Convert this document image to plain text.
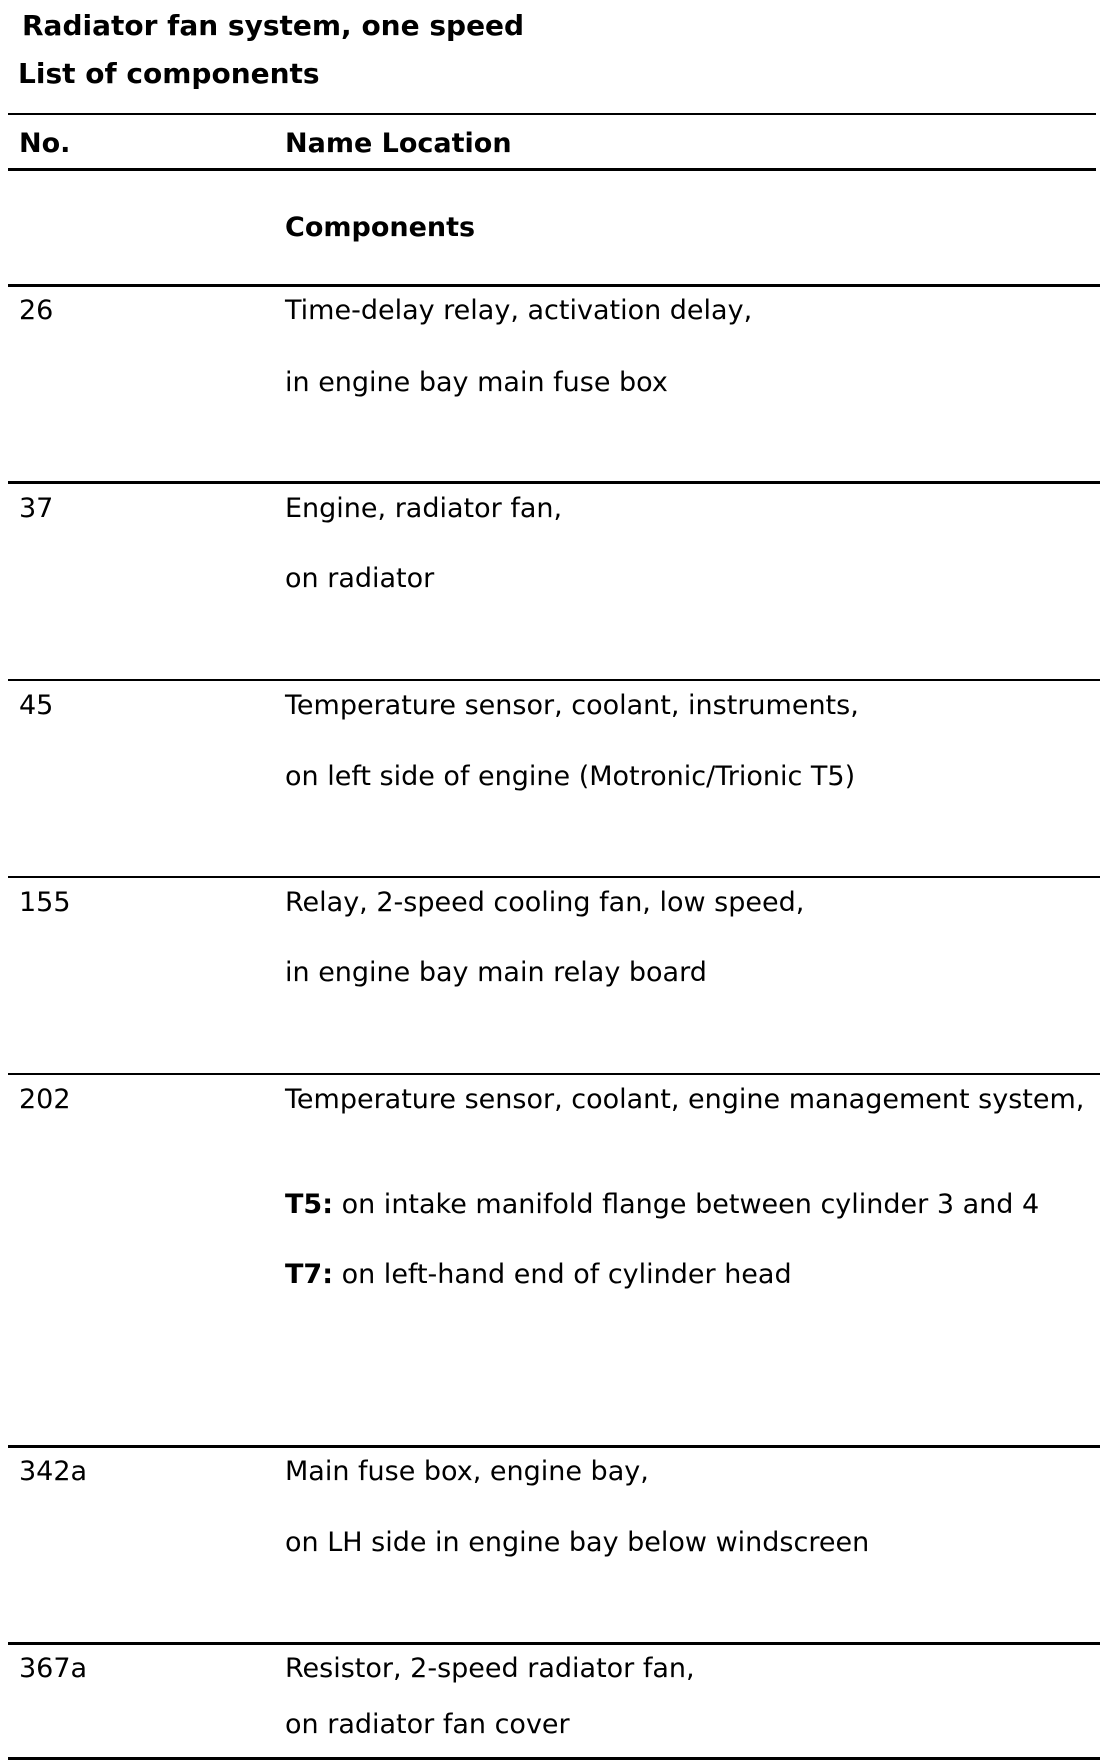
Radiator fan system, one speed
List of components
No.	Name Location
Components
26	Time-delay relay, activation delay,
in engine bay main fuse box
37	Engine, radiator fan,
on radiator
45	Temperature sensor, coolant, instruments,
on left side of engine (Motronic/Trionic T5)
155	Relay, 2-speed cooling fan, low speed,
in engine bay main relay board
202	Temperature sensor, coolant, engine management system,
T5: on intake manifold flange between cylinder 3 and 4
T7: on left-hand end of cylinder head
342a	Main fuse box, engine bay,
on LH side in engine bay below windscreen
367a	Resistor, 2-speed radiator fan,
on radiator fan cover
